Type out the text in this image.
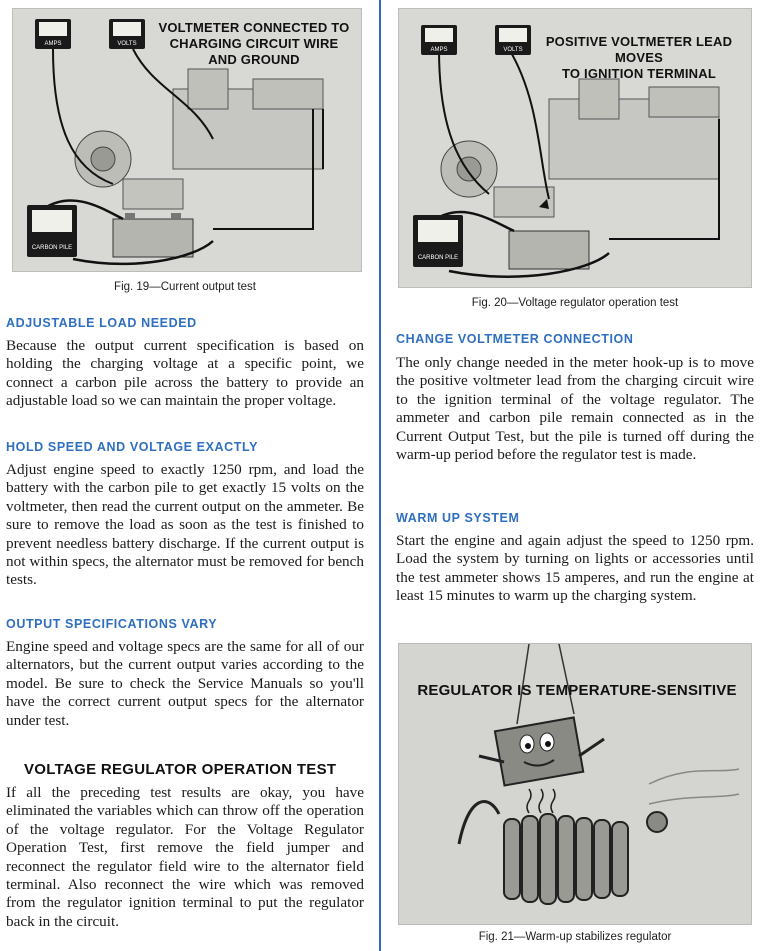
AMPS	VOLTS
CARBON PILE
VOLTMETER CONNECTED TO
CHARGING CIRCUIT WIRE
AND GROUND
Fig. 19—Current output test
ADJUSTABLE LOAD NEEDED
Because the output current specification is based on holding the charging voltage at a specific point, we connect a carbon pile across the battery to provide an adjustable load so we can maintain the proper voltage.
HOLD SPEED AND VOLTAGE EXACTLY
Adjust engine speed to exactly 1250 rpm, and load the battery with the carbon pile to get exactly 15 volts on the voltmeter, then read the current output on the ammeter. Be sure to remove the load as soon as the test is finished to prevent needless battery discharge. If the current output is not within specs, the alternator must be removed for bench tests.
OUTPUT SPECIFICATIONS VARY
Engine speed and voltage specs are the same for all of our alternators, but the current output varies according to the model. Be sure to check the Service Manuals so you'll have the correct current output specs for the alternator under test.
VOLTAGE REGULATOR OPERATION TEST
If all the preceding test results are okay, you have eliminated the variables which can throw off the operation of the voltage regulator. For the Voltage Regulator Operation Test, first remove the field jumper and reconnect the regulator field wire to the alternator field terminal. Also reconnect the wire which was removed from the regulator ignition terminal to put the regulator back in the circuit.
AMPS	VOLTS
CARBON PILE
POSITIVE VOLTMETER LEAD MOVES
TO IGNITION TERMINAL
Fig. 20—Voltage regulator operation test
CHANGE VOLTMETER CONNECTION
The only change needed in the meter hook-up is to move the positive voltmeter lead from the charging circuit wire to the ignition terminal of the voltage regulator. The ammeter and carbon pile remain connected as in the Current Output Test, but the pile is turned off during the warm-up period before the regulator test is made.
WARM UP SYSTEM
Start the engine and again adjust the speed to 1250 rpm. Load the system by turning on lights or accessories until the test ammeter shows 15 amperes, and run the engine at least 15 minutes to warm up the charging system.
REGULATOR IS TEMPERATURE-SENSITIVE
Fig. 21—Warm-up stabilizes regulator
